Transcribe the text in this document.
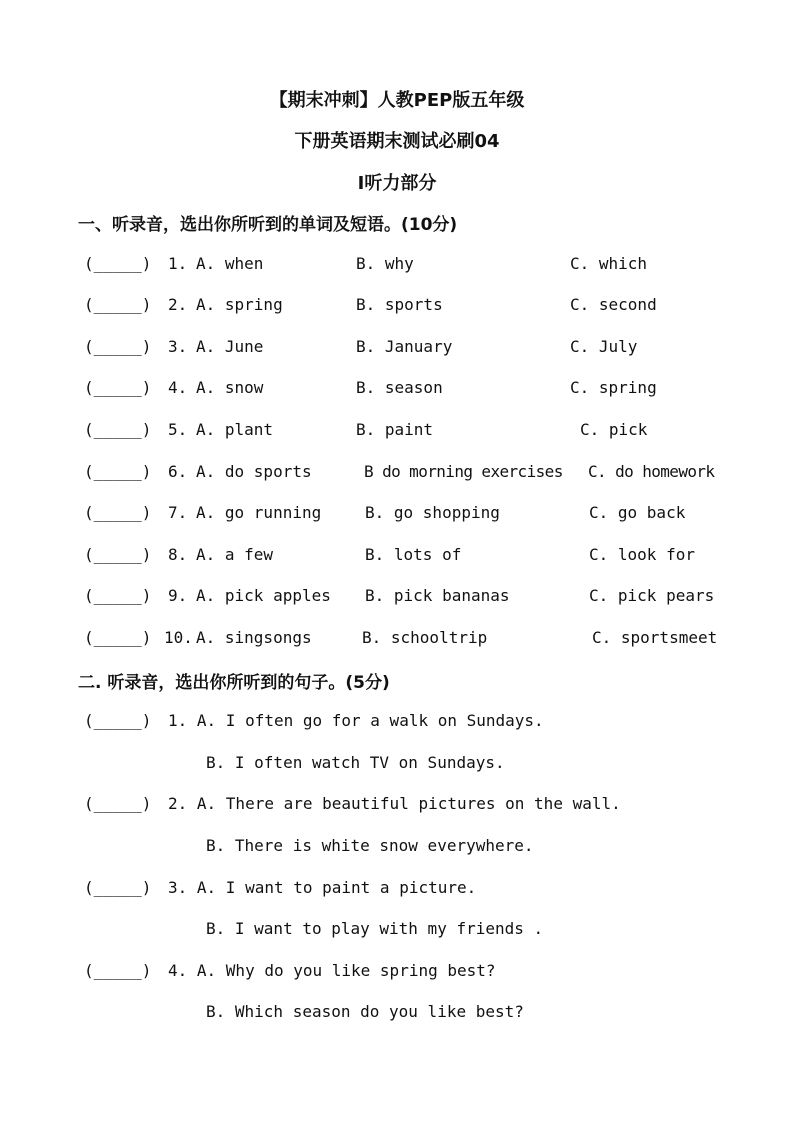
【期末冲刺】人教PEP版五年级
下册英语期末测试必刷04
I听力部分
一、听录音，选出你所听到的单词及短语。(10分)
(_____) 1. A. when	B. why	C. which
(_____) 2. A. spring	B. sports	C. second
(_____) 3. A. June	B. January	C. July
(_____) 4. A. snow	B. season	C. spring
(_____) 5. A. plant	B. paint	C. pick
(_____) 6. A. do sports	B do morning exercises C. do homework
(_____) 7. A. go running	B. go shopping	C. go back
(_____) 8. A. a few	B. lots of	C. look for
(_____) 9. A. pick apples B. pick bananas	C. pick pears
(_____) 10. A. singsongs	B. schooltrip	C. sportsmeet
二. 听录音，选出你所听到的句子。(5分)
(_____) 1. A. I often go for a walk on Sundays.
B. I often watch TV on Sundays.
(_____) 2. A. There are beautiful pictures on the wall.
B. There is white snow everywhere.
(_____) 3. A. I want to paint a picture.
B. I want to play with my friends .
(_____) 4. A. Why do you like spring best?
B. Which season do you like best?
